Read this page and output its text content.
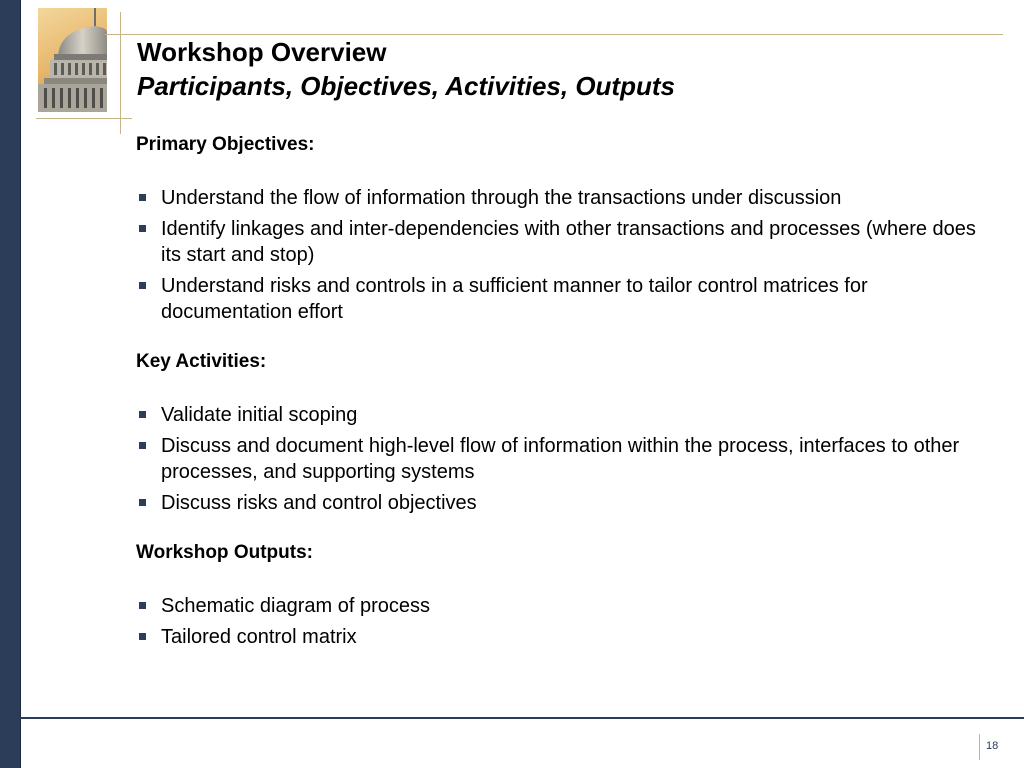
Workshop Overview
Participants, Objectives, Activities, Outputs
Primary Objectives:
Understand the flow of information through the transactions under discussion
Identify linkages and inter-dependencies with other transactions and processes (where does its start and stop)
Understand risks and controls in a sufficient manner to tailor control matrices for documentation effort
Key Activities:
Validate initial scoping
Discuss and document high-level flow of information within the process, interfaces to other processes, and supporting systems
Discuss risks and control objectives
Workshop Outputs:
Schematic diagram of process
Tailored control matrix
18
